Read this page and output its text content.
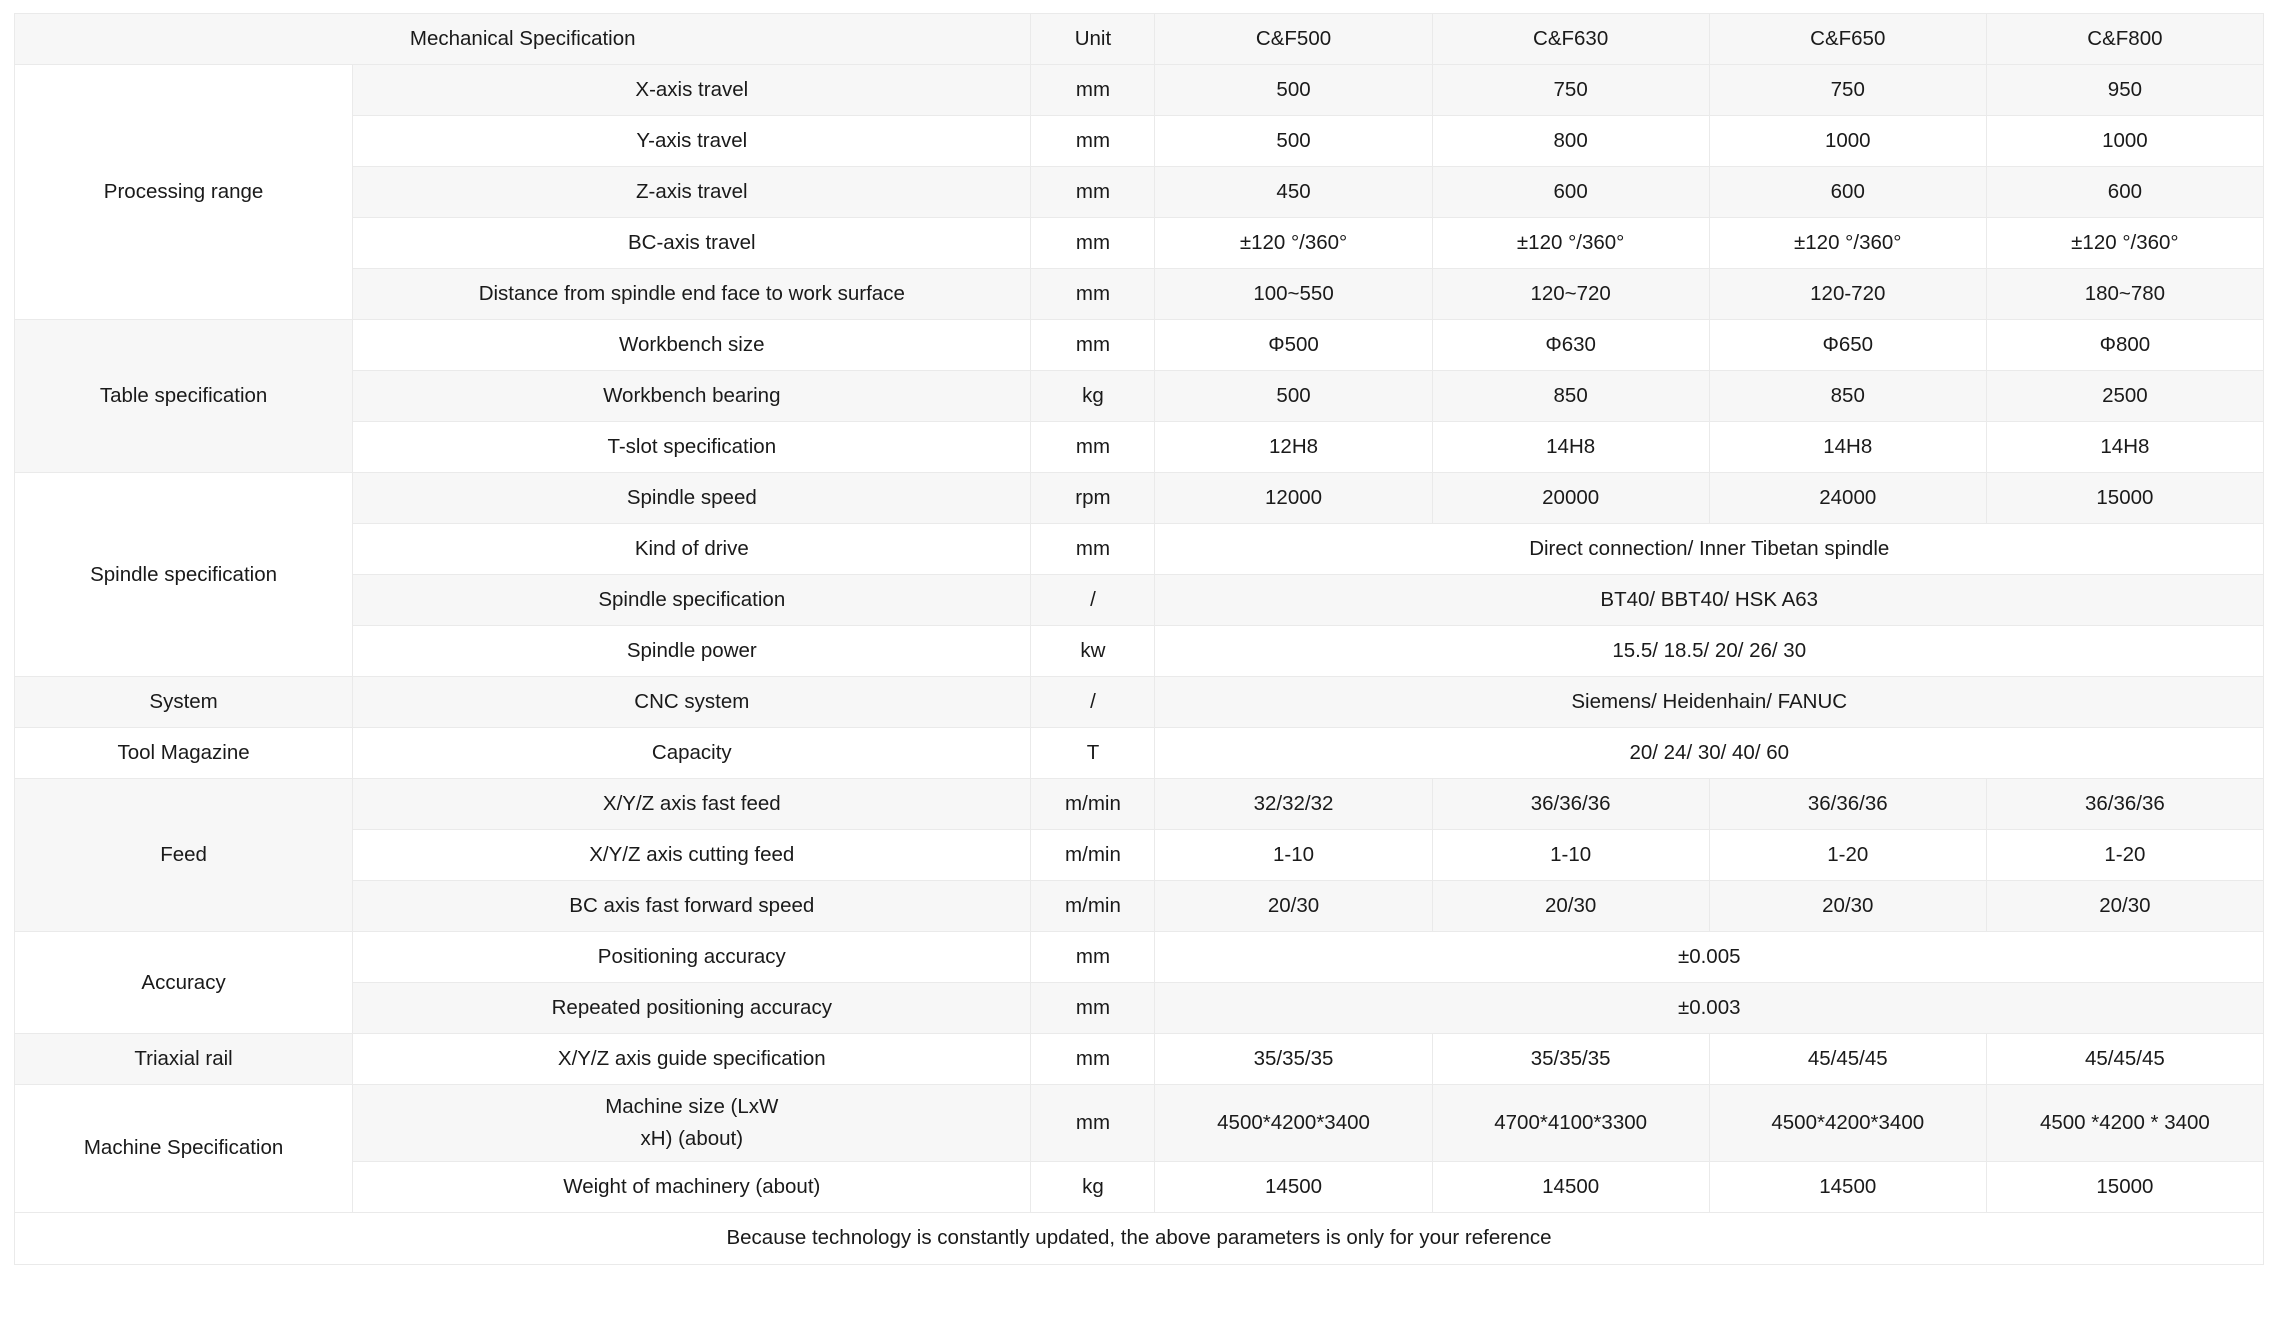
Mechanical Specification		Unit	C&F500	C&F630	C&F650	C&F800
Processing range	X-axis travel	mm	500	750	750	950
	Y-axis travel	mm	500	800	1000	1000
	Z-axis travel	mm	450	600	600	600
	BC-axis travel	mm	±120 °/360°	±120 °/360°	±120 °/360°	±120 °/360°
	Distance from spindle end face to work surface	mm	100~550	120~720	120-720	180~780
Table specification	Workbench size	mm	Φ500	Φ630	Φ650	Φ800
	Workbench bearing	kg	500	850	850	2500
	T-slot specification	mm	12H8	14H8	14H8	14H8
Spindle specification	Spindle speed	rpm	12000	20000	24000	15000
	Kind of drive	mm	Direct connection/ Inner Tibetan spindle			
	Spindle specification	/	BT40/ BBT40/ HSK A63			
	Spindle power	kw	15.5/ 18.5/ 20/ 26/ 30			
System	CNC system	/	Siemens/ Heidenhain/ FANUC			
Tool Magazine	Capacity	T	20/ 24/ 30/ 40/ 60			
Feed	X/Y/Z axis fast feed	m/min	32/32/32	36/36/36	36/36/36	36/36/36
	X/Y/Z axis cutting feed	m/min	1-10	1-10	1-20	1-20
	BC axis fast forward speed	m/min	20/30	20/30	20/30	20/30
Accuracy	Positioning accuracy	mm	±0.005			
	Repeated positioning accuracy	mm	±0.003			
Triaxial rail	X/Y/Z axis guide specification	mm	35/35/35	35/35/35	45/45/45	45/45/45
Machine Specification	Machine size (LxW
xH) (about)	mm	4500*4200*3400	4700*4100*3300	4500*4200*3400	4500 *4200 * 3400
	Weight of machinery (about)	kg	14500	14500	14500	15000
Because technology is constantly updated, the above parameters is only for your reference						
